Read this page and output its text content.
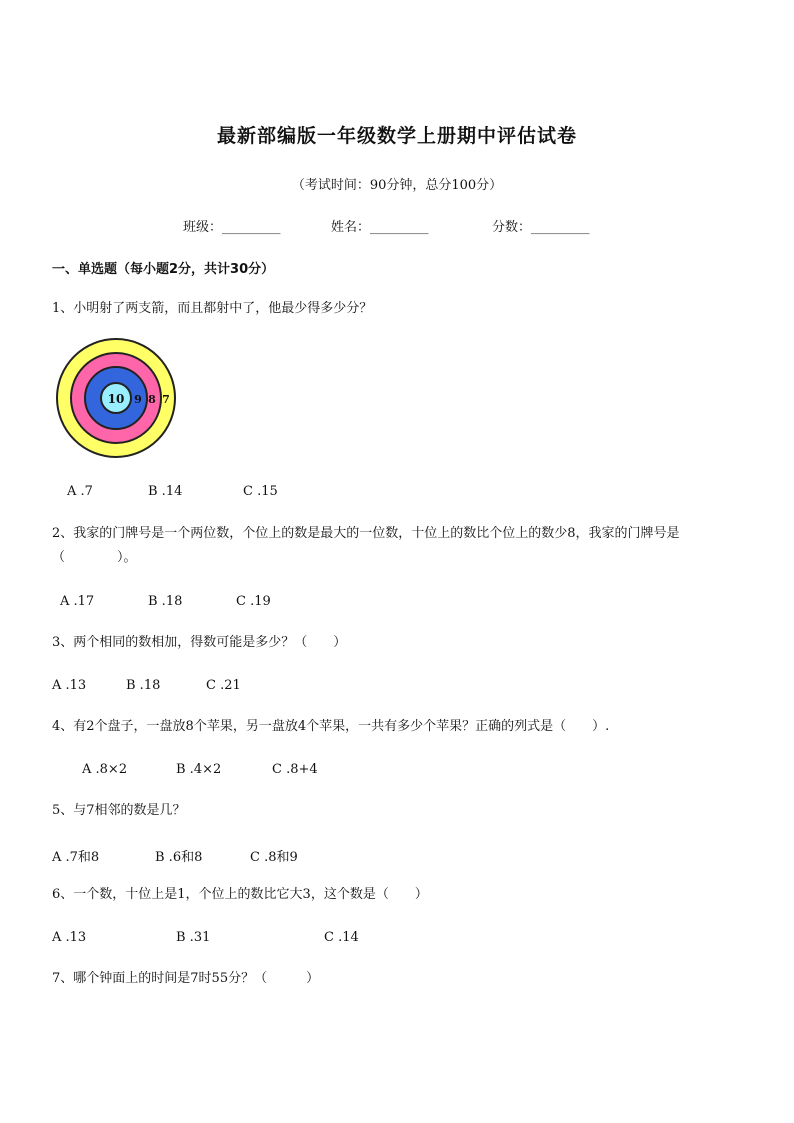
最新部编版一年级数学上册期中评估试卷
（考试时间：90分钟，总分100分）
班级：_________	姓名：_________	分数：_________
一、单选题（每小题2分，共计30分）
1、小明射了两支箭，而且都射中了，他最少得多少分？
10 9 8 7
A .7	B .14	C .15
2、我家的门牌号是一个两位数，个位上的数是最大的一位数，十位上的数比个位上的数少8，我家的门牌号是（　　　　）。
A .17	B .18	C .19
3、两个相同的数相加，得数可能是多少？（　　）
A .13	B .18	C .21
4、有2个盘子，一盘放8个苹果，另一盘放4个苹果，一共有多少个苹果？正确的列式是（　　）.
A .8×2	B .4×2	C .8+4
5、与7相邻的数是几？
A .7和8	B .6和8	C .8和9
6、一个数，十位上是1，个位上的数比它大3，这个数是（　　）
A .13	B .31	C .14
7、哪个钟面上的时间是7时55分？（　　　）
